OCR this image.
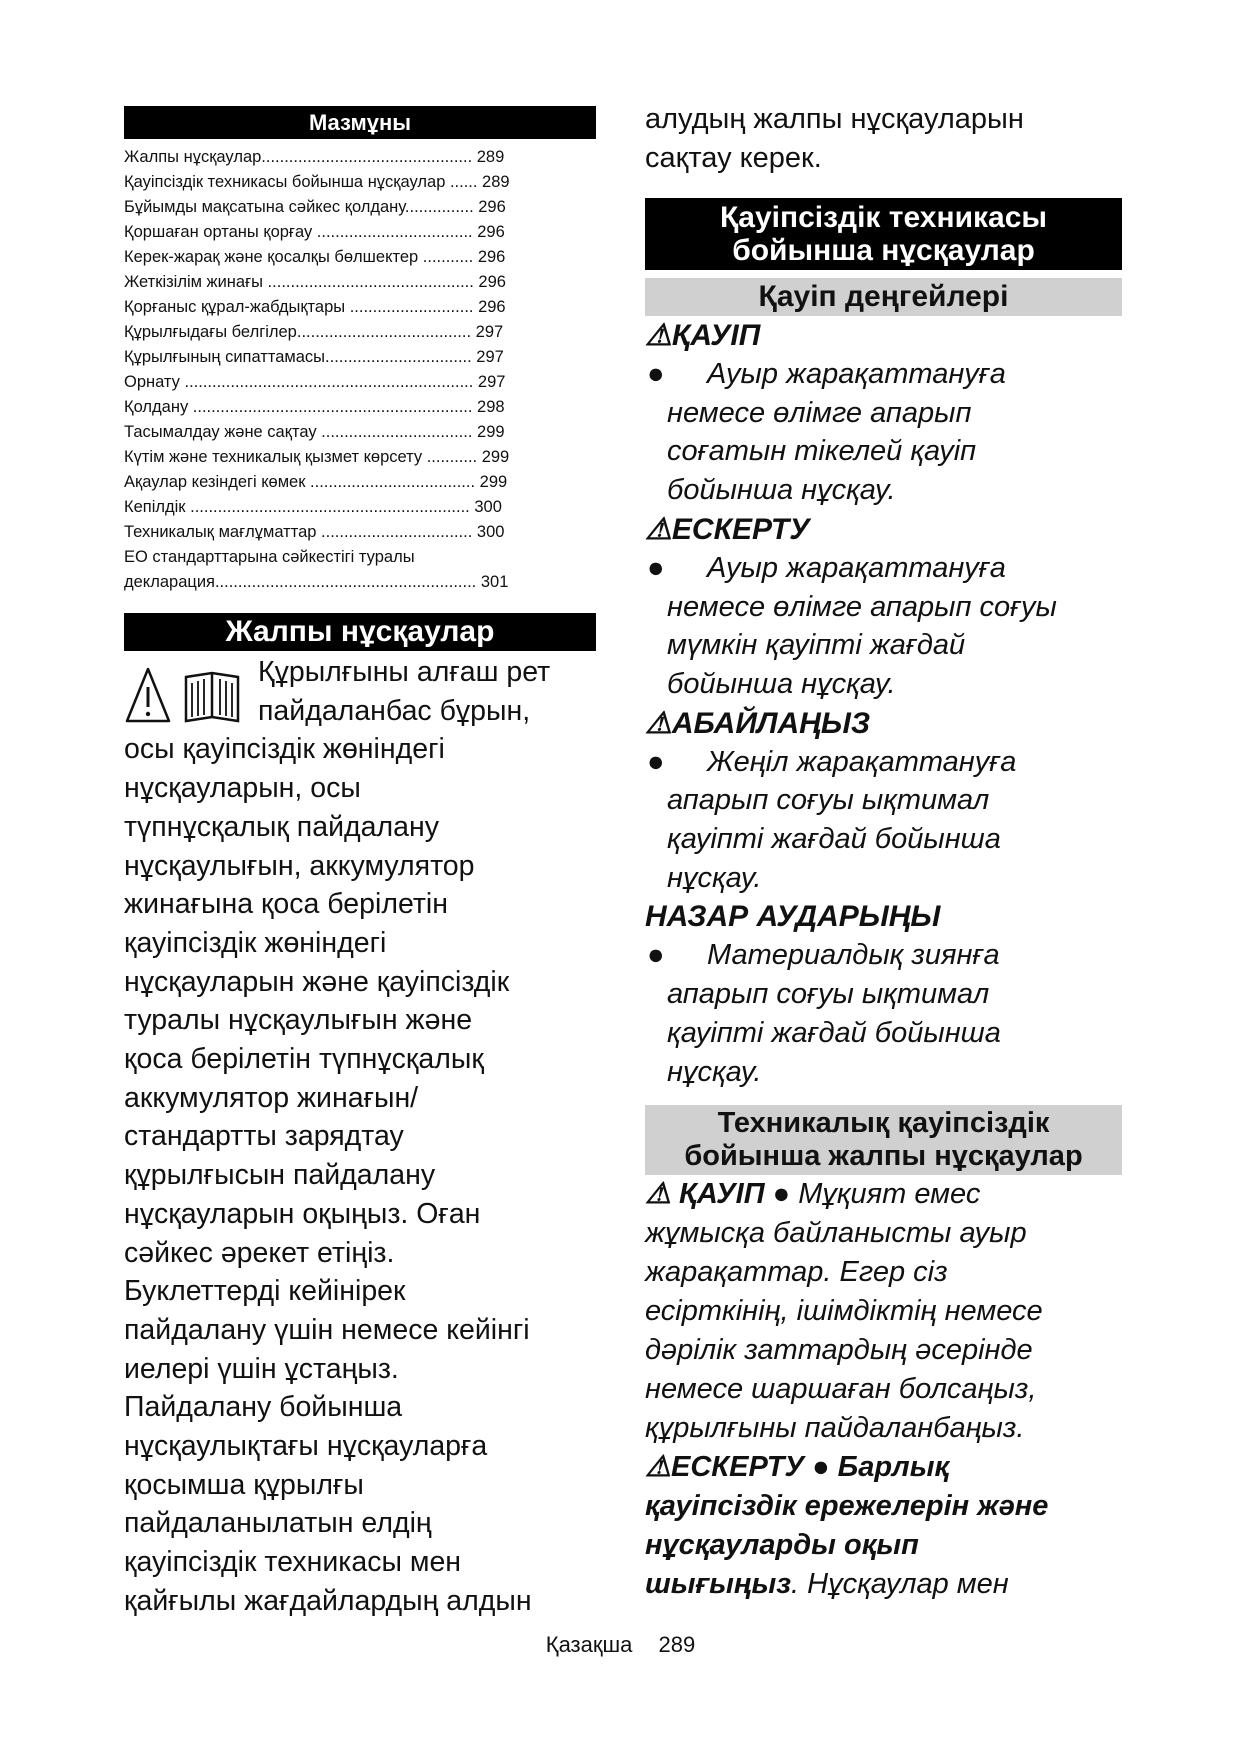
Мазмұны
Жалпы нұсқаулар.............................................. 289
Қауіпсіздік техникасы бойынша нұсқаулар ...... 289
Бұйымды мақсатына сәйкес қолдану............... 296
Қоршаған ортаны қорғау .................................. 296
Керек-жарақ және қосалқы бөлшектер ........... 296
Жеткізілім жинағы ............................................. 296
Қорғаныс құрал-жабдықтары ........................... 296
Құрылғыдағы белгілер...................................... 297
Құрылғының сипаттамасы................................ 297
Орнату ............................................................... 297
Қолдану ............................................................. 298
Тасымалдау және сақтау ................................. 299
Күтім және техникалық қызмет көрсету ........... 299
Ақаулар кезіндегі көмек .................................... 299
Кепілдік ............................................................. 300
Техникалық мағлұматтар ................................. 300
ЕО стандарттарына сәйкестігі туралы
декларация......................................................... 301
Жалпы нұсқаулар
Құрылғыны алғаш рет
пайдаланбас бұрын,
осы қауіпсіздік жөніндегі
нұсқауларын, осы
түпнұсқалық пайдалану
нұсқаулығын, аккумулятор
жинағына қоса берілетін
қауіпсіздік жөніндегі
нұсқауларын және қауіпсіздік
туралы нұсқаулығын және
қоса берілетін түпнұсқалық
аккумулятор жинағын/
стандартты зарядтау
құрылғысын пайдалану
нұсқауларын оқыңыз. Оған
сәйкес әрекет етіңіз.
Буклеттерді кейінірек
пайдалану үшін немесе кейінгі
иелері үшін ұстаңыз.
Пайдалану бойынша
нұсқаулықтағы нұсқауларға
қосымша құрылғы
пайдаланылатын елдің
қауіпсіздік техникасы мен
қайғылы жағдайлардың алдын
алудың жалпы нұсқауларын
сақтау керек.
Қауіпсіздік техникасы
бойынша нұсқаулар
Қауіп деңгейлері
⚠ҚАУІП
●	Ауыр жарақаттануға
немесе өлімге апарып
соғатын тікелей қауіп
бойынша нұсқау.
⚠ЕСКЕРТУ
●	Ауыр жарақаттануға
немесе өлімге апарып соғуы
мүмкін қауіпті жағдай
бойынша нұсқау.
⚠АБАЙЛАҢЫЗ
●	Жеңіл жарақаттануға
апарып соғуы ықтимал
қауіпті жағдай бойынша
нұсқау.
НАЗАР АУДАРЫҢЫ
●	Материалдық зиянға
апарып соғуы ықтимал
қауіпті жағдай бойынша
нұсқау.
Техникалық қауіпсіздік
бойынша жалпы нұсқаулар
⚠ ҚАУІП ● Мұқият емес
жұмысқа байланысты ауыр
жарақаттар. Егер сіз
есірткінің, ішімдіктің немесе
дәрілік заттардың әсерінде
немесе шаршаған болсаңыз,
құрылғыны пайдаланбаңыз.
⚠ЕСКЕРТУ ● Барлық
қауіпсіздік ережелерін және
нұсқауларды оқып
шығыңыз. Нұсқаулар мен
Қазақша 289
